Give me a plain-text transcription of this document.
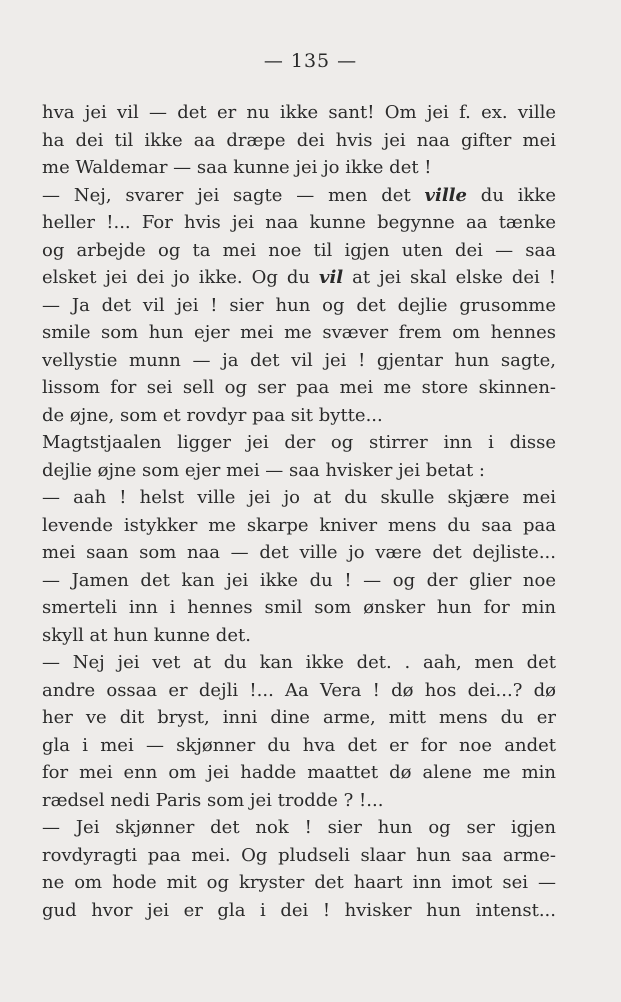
— 135 —
hva jei vil — det er nu ikke sant! Om jei f. ex. ville
ha dei til ikke aa dræpe dei hvis jei naa gifter mei
me Waldemar — saa kunne jei jo ikke det !
— Nej, svarer jei sagte — men det ville du ikke
heller !... For hvis jei naa kunne begynne aa tænke
og arbejde og ta mei noe til igjen uten dei — saa
elsket jei dei jo ikke. Og du vil at jei skal elske dei !
— Ja det vil jei ! sier hun og det dejlie grusomme
smile som hun ejer mei me svæver frem om hennes
vellystie munn — ja det vil jei ! gjentar hun sagte,
lissom for sei sell og ser paa mei me store skinnen-
de øjne, som et rovdyr paa sit bytte...
Magtstjaalen ligger jei der og stirrer inn i disse
dejlie øjne som ejer mei — saa hvisker jei betat :
— aah ! helst ville jei jo at du skulle skjære mei
levende istykker me skarpe kniver mens du saa paa
mei saan som naa — det ville jo være det dejliste...
— Jamen det kan jei ikke du ! — og der glier noe
smerteli inn i hennes smil som ønsker hun for min
skyll at hun kunne det.
— Nej jei vet at du kan ikke det. . aah, men det
andre ossaa er dejli !... Aa Vera ! dø hos dei...? dø
her ve dit bryst, inni dine arme, mitt mens du er
gla i mei — skjønner du hva det er for noe andet
for mei enn om jei hadde maattet dø alene me min
rædsel nedi Paris som jei trodde ? !...
— Jei skjønner det nok ! sier hun og ser igjen
rovdyragti paa mei. Og pludseli slaar hun saa arme-
ne om hode mit og kryster det haart inn imot sei —
gud hvor jei er gla i dei ! hvisker hun intenst...
